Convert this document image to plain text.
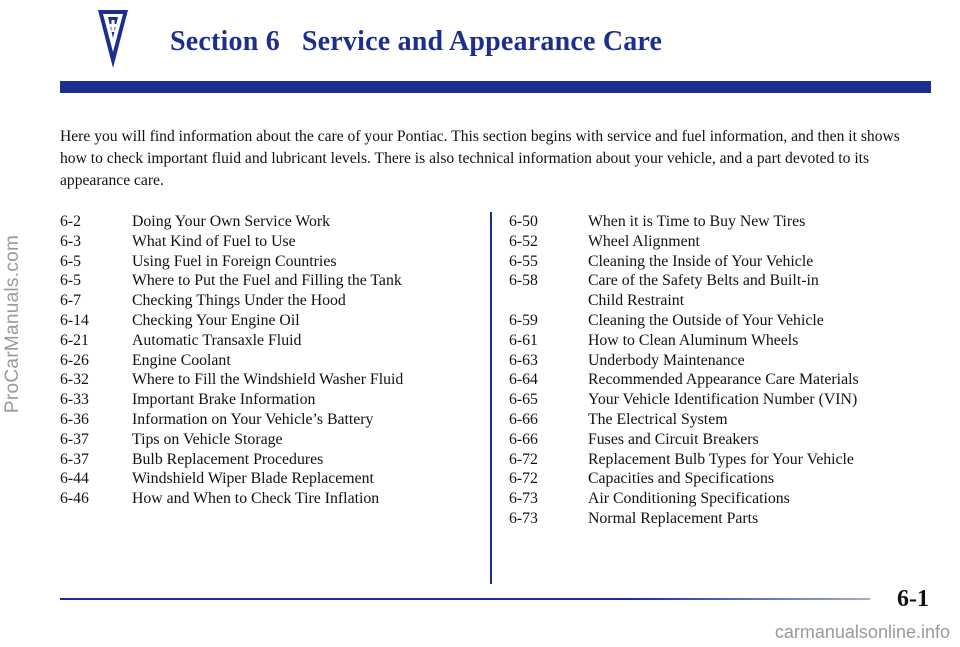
ProCarManuals.com
Section 6 Service and Appearance Care

Here you will find information about the care of your Pontiac. This section begins with service and fuel information, and then it shows how to check important fluid and lubricant levels. There is also technical information about your vehicle, and a part devoted to its appearance care.

6-2	Doing Your Own Service Work
6-3	What Kind of Fuel to Use
6-5	Using Fuel in Foreign Countries
6-5	Where to Put the Fuel and Filling the Tank
6-7	Checking Things Under the Hood
6-14	Checking Your Engine Oil
6-21	Automatic Transaxle Fluid
6-26	Engine Coolant
6-32	Where to Fill the Windshield Washer Fluid
6-33	Important Brake Information
6-36	Information on Your Vehicle’s Battery
6-37	Tips on Vehicle Storage
6-37	Bulb Replacement Procedures
6-44	Windshield Wiper Blade Replacement
6-46	How and When to Check Tire Inflation
6-50	When it is Time to Buy New Tires
6-52	Wheel Alignment
6-55	Cleaning the Inside of Your Vehicle
6-58	Care of the Safety Belts and Built-in
Child Restraint
6-59	Cleaning the Outside of Your Vehicle
6-61	How to Clean Aluminum Wheels
6-63	Underbody Maintenance
6-64	Recommended Appearance Care Materials
6-65	Your Vehicle Identification Number (VIN)
6-66	The Electrical System
6-66	Fuses and Circuit Breakers
6-72	Replacement Bulb Types for Your Vehicle
6-72	Capacities and Specifications
6-73	Air Conditioning Specifications
6-73	Normal Replacement Parts
6-1
carmanualsonline.info
